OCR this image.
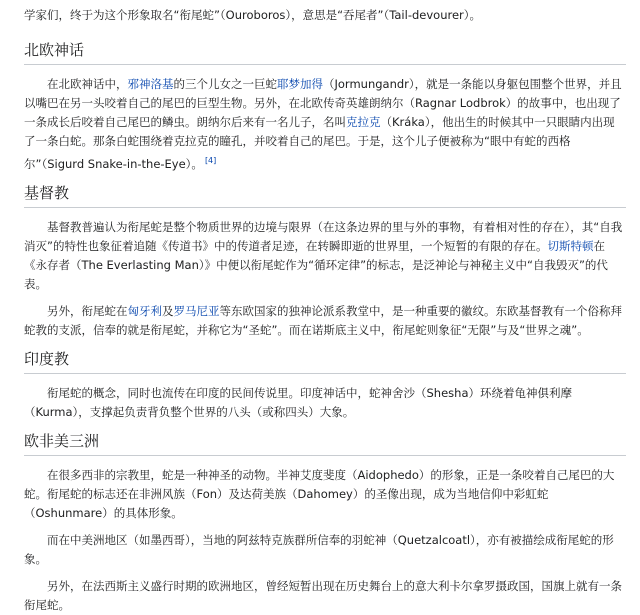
学家们，终于为这个形象取名“衔尾蛇”（Ouroboros），意思是“吞尾者”（Tail-devourer）。

北欧神话

在北欧神话中，邪神洛基的三个儿女之一巨蛇耶梦加得（Jormungandr），就是一条能以身躯包围整个世界，并且以嘴巴在另一头咬着自己的尾巴的巨型生物。另外，在北欧传奇英雄朗纳尔（Ragnar Lodbrok）的故事中，也出现了一条成长后咬着自己尾巴的鳞虫。朗纳尔后来有一名儿子，名叫克拉克（Kráka），他出生的时候其中一只眼睛内出现了一条白蛇。那条白蛇围绕着克拉克的瞳孔，并咬着自己的尾巴。于是，这个儿子便被称为“眼中有蛇的西格尔”（Sigurd Snake-in-the-Eye）。 [4]

基督教

基督教普遍认为衔尾蛇是整个物质世界的边境与限界（在这条边界的里与外的事物，有着相对性的存在），其“自我消灭”的特性也象征着追随《传道书》中的传道者足迹，在转瞬即逝的世界里，一个短暂的有限的存在。切斯特顿在《永存者（The Everlasting Man）》中便以衔尾蛇作为“循环定律”的标志，是泛神论与神秘主义中“自我毁灭”的代表。

另外，衔尾蛇在匈牙利及罗马尼亚等东欧国家的独神论派系教堂中，是一种重要的徽纹。东欧基督教有一个俗称拜蛇教的支派，信奉的就是衔尾蛇，并称它为“圣蛇”。而在诺斯底主义中，衔尾蛇则象征“无限”与及“世界之魂”。

印度教

衔尾蛇的概念，同时也流传在印度的民间传说里。印度神话中，蛇神舍沙（Shesha）环绕着龟神俱利摩（Kurma），支撑起负责背负整个世界的八头（或称四头）大象。

欧非美三洲

在很多西非的宗教里，蛇是一种神圣的动物。半神艾度斐度（Aidophedo）的形象，正是一条咬着自己尾巴的大蛇。衔尾蛇的标志还在非洲风族（Fon）及达荷美族（Dahomey）的圣像出现，成为当地信仰中彩虹蛇（Oshunmare）的具体形象。

而在中美洲地区（如墨西哥），当地的阿兹特克族群所信奉的羽蛇神（Quetzalcoatl），亦有被描绘成衔尾蛇的形象。

另外，在法西斯主义盛行时期的欧洲地区，曾经短暂出现在历史舞台上的意大利卡尔拿罗摄政国，国旗上就有一条衔尾蛇。
